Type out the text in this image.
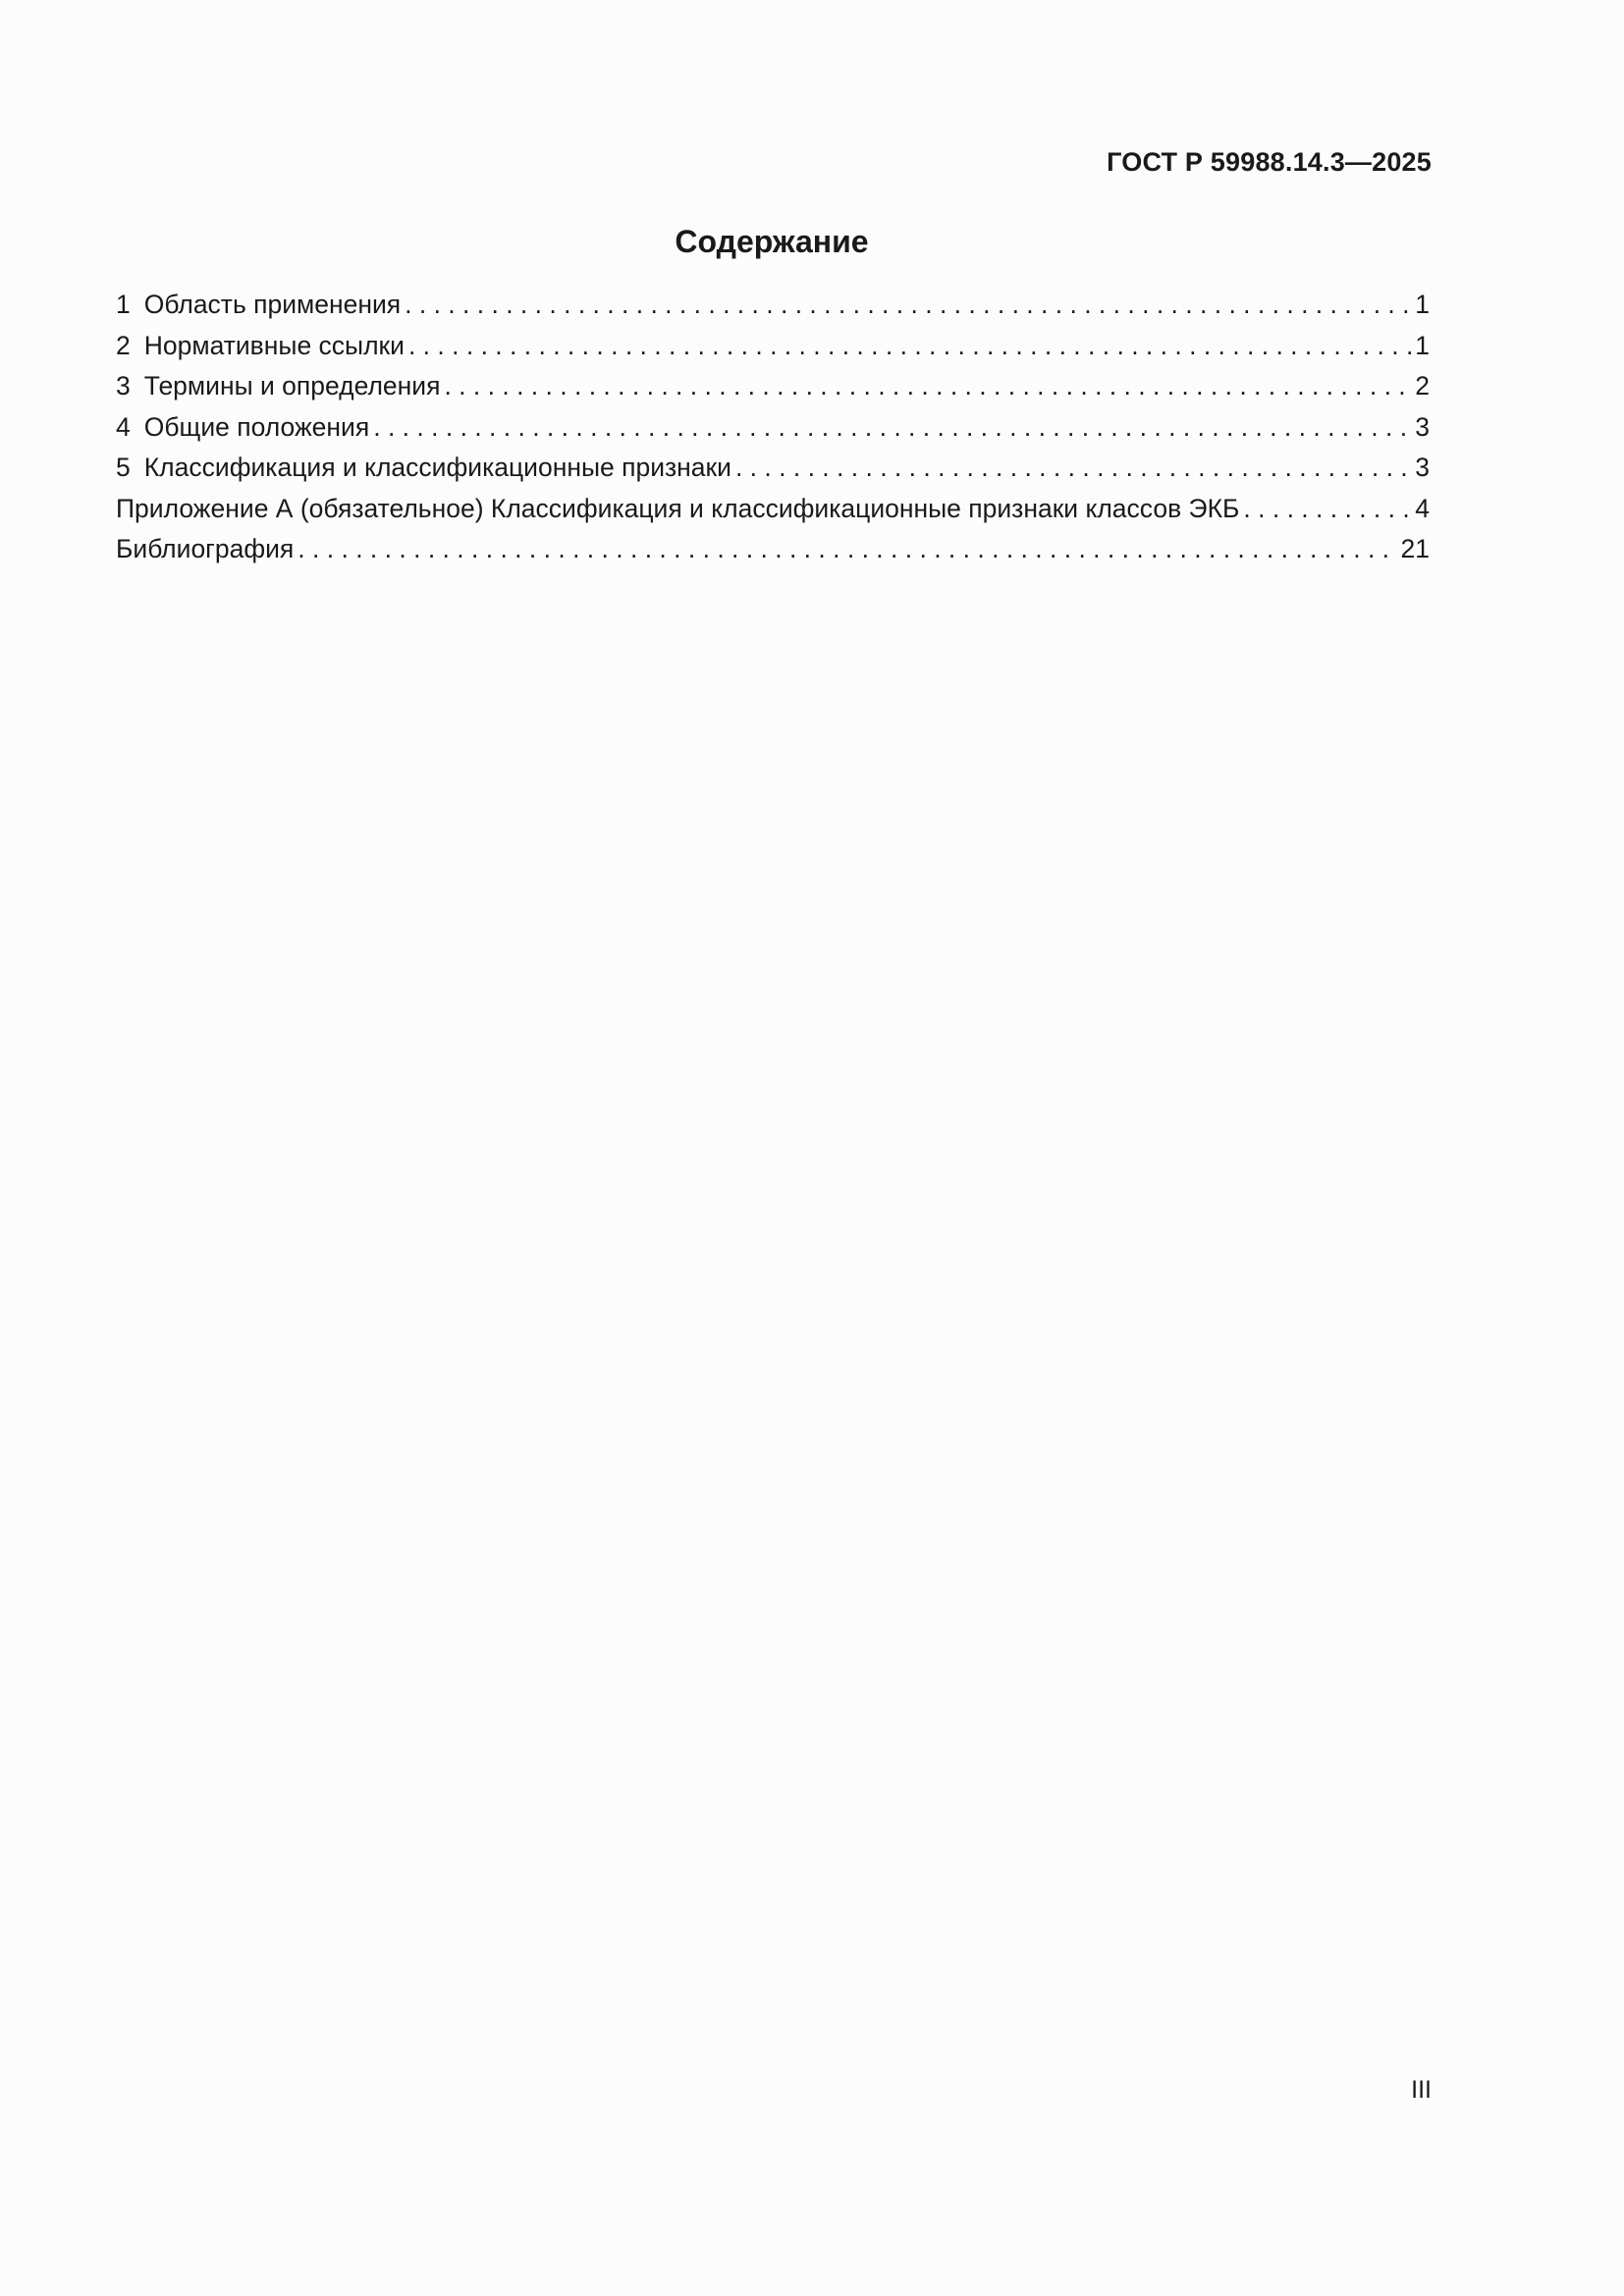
ГОСТ Р 59988.14.3—2025
Содержание
1 Область применения . . .	1
2 Нормативные ссылки . . .	1
3 Термины и определения . . .	2
4 Общие положения . . .	3
5 Классификация и классификационные признаки . . .	3
Приложение А (обязательное) Классификация и классификационные признаки классов ЭКБ . . .	4
Библиография . . .	21
III
